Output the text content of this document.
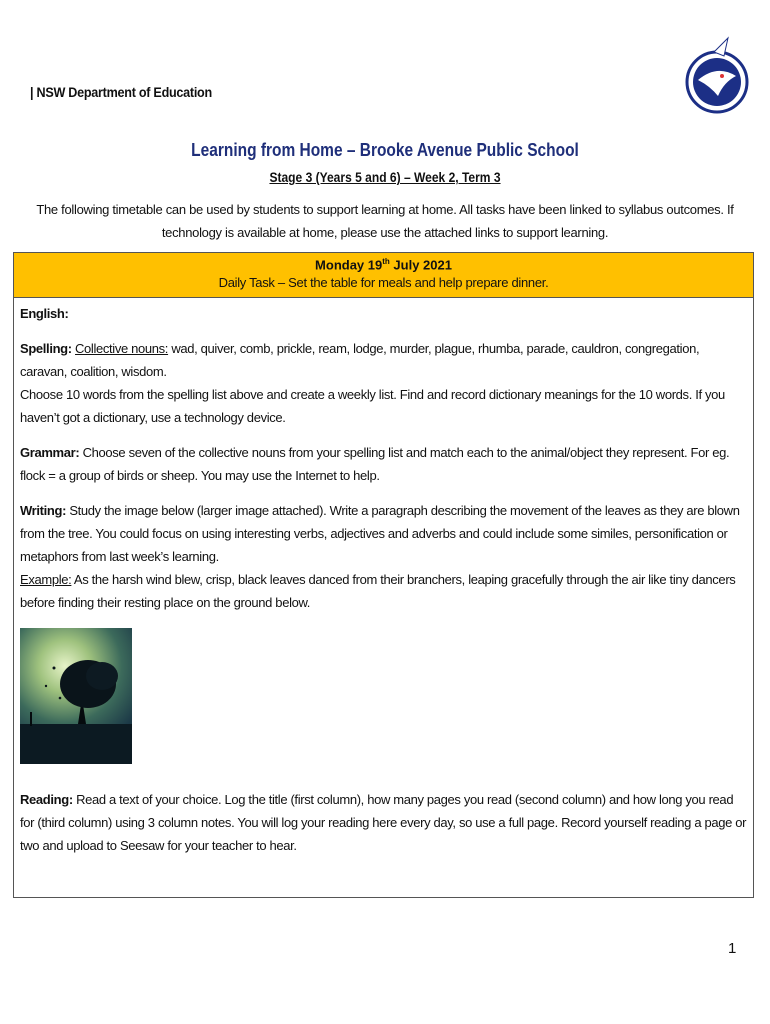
| NSW Department of Education
Learning from Home – Brooke Avenue Public School
Stage 3 (Years 5 and 6) – Week 2, Term 3
The following timetable can be used by students to support learning at home. All tasks have been linked to syllabus outcomes. If technology is available at home, please use the attached links to support learning.
Monday 19th July 2021
Daily Task – Set the table for meals and help prepare dinner.

English:

Spelling: Collective nouns: wad, quiver, comb, prickle, ream, lodge, murder, plague, rhumba, parade, cauldron, congregation, caravan, coalition, wisdom.

Choose 10 words from the spelling list above and create a weekly list. Find and record dictionary meanings for the 10 words. If you haven’t got a dictionary, use a technology device.

Grammar: Choose seven of the collective nouns from your spelling list and match each to the animal/object they represent. For eg. flock = a group of birds or sheep. You may use the Internet to help.

Writing: Study the image below (larger image attached). Write a paragraph describing the movement of the leaves as they are blown from the tree. You could focus on using interesting verbs, adjectives and adverbs and could include some similes, personification or metaphors from last week’s learning.

Example: As the harsh wind blew, crisp, black leaves danced from their branchers, leaping gracefully through the air like tiny dancers before finding their resting place on the ground below.

Reading: Read a text of your choice. Log the title (first column), how many pages you read (second column) and how long you read for (third column) using 3 column notes. You will log your reading here every day, so use a full page. Record yourself reading a page or two and upload to Seesaw for your teacher to hear.

1
